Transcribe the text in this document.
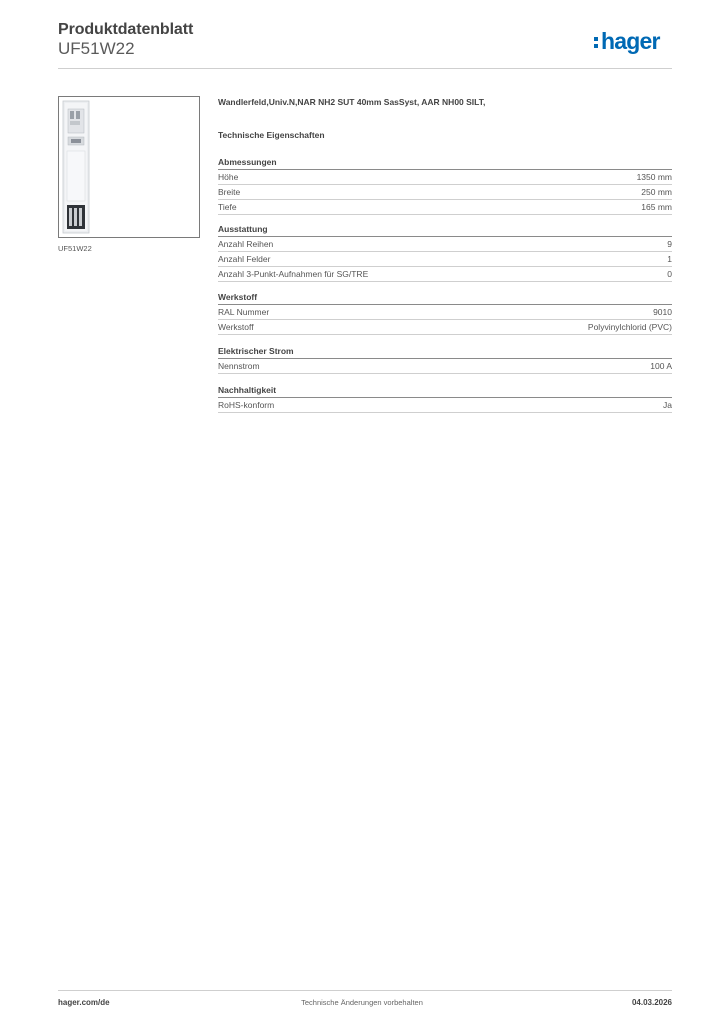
Produktdatenblatt
UF51W22	hager
UF51W22
Wandlerfeld,Univ.N,NAR NH2 SUT 40mm SasSyst, AAR NH00 SILT,
Technische Eigenschaften
Abmessungen
Höhe	1350 mm
Breite	250 mm
Tiefe	165 mm
Ausstattung
Anzahl Reihen	9
Anzahl Felder	1
Anzahl 3-Punkt-Aufnahmen für SG/TRE	0
Werkstoff
RAL Nummer	9010
Werkstoff	Polyvinylchlorid (PVC)
Elektrischer Strom
Nennstrom	100 A
Nachhaltigkeit
RoHS-konform	Ja
hager.com/de	Technische Änderungen vorbehalten	04.03.2026
